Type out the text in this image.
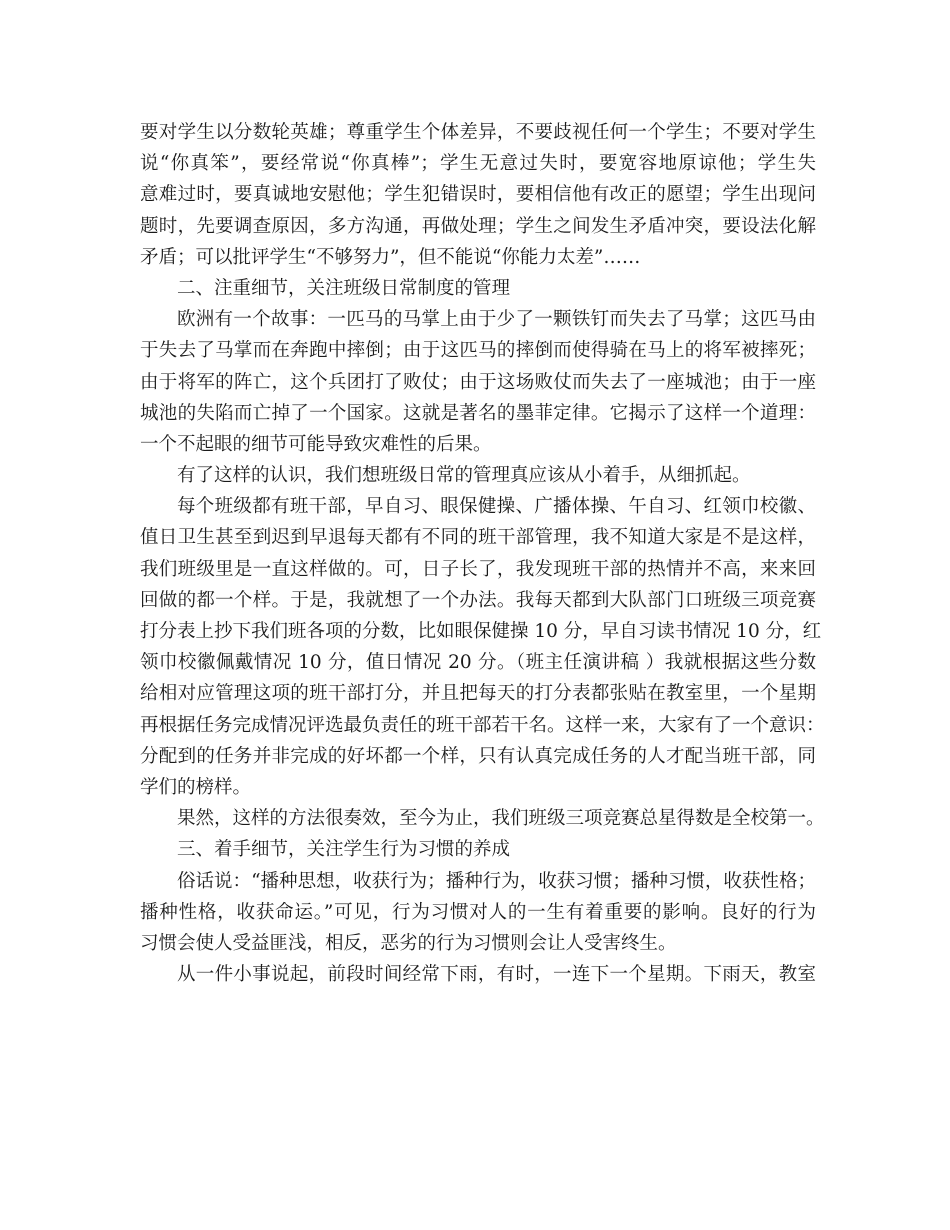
要对学生以分数轮英雄；尊重学生个体差异，不要歧视任何一个学生；不要对学生
说“你真笨”，要经常说“你真棒”；学生无意过失时，要宽容地原谅他；学生失
意难过时，要真诚地安慰他；学生犯错误时，要相信他有改正的愿望；学生出现问
题时，先要调查原因，多方沟通，再做处理；学生之间发生矛盾冲突，要设法化解
矛盾；可以批评学生“不够努力”，但不能说“你能力太差”……
二、注重细节，关注班级日常制度的管理
欧洲有一个故事：一匹马的马掌上由于少了一颗铁钉而失去了马掌；这匹马由
于失去了马掌而在奔跑中摔倒；由于这匹马的摔倒而使得骑在马上的将军被摔死；
由于将军的阵亡，这个兵团打了败仗；由于这场败仗而失去了一座城池；由于一座
城池的失陷而亡掉了一个国家。这就是著名的墨菲定律。它揭示了这样一个道理：
一个不起眼的细节可能导致灾难性的后果。
有了这样的认识，我们想班级日常的管理真应该从小着手，从细抓起。
每个班级都有班干部，早自习、眼保健操、广播体操、午自习、红领巾校徽、
值日卫生甚至到迟到早退每天都有不同的班干部管理，我不知道大家是不是这样，
我们班级里是一直这样做的。可，日子长了，我发现班干部的热情并不高，来来回
回做的都一个样。于是，我就想了一个办法。我每天都到大队部门口班级三项竞赛
打分表上抄下我们班各项的分数，比如眼保健操 10 分，早自习读书情况 10 分，红
领巾校徽佩戴情况 10 分，值日情况 20 分。（班主任演讲稿 ）我就根据这些分数
给相对应管理这项的班干部打分，并且把每天的打分表都张贴在教室里，一个星期
再根据任务完成情况评选最负责任的班干部若干名。这样一来，大家有了一个意识：
分配到的任务并非完成的好坏都一个样，只有认真完成任务的人才配当班干部，同
学们的榜样。
果然，这样的方法很奏效，至今为止，我们班级三项竞赛总星得数是全校第一。
三、着手细节，关注学生行为习惯的养成
俗话说：“播种思想，收获行为；播种行为，收获习惯；播种习惯，收获性格；
播种性格，收获命运。”可见，行为习惯对人的一生有着重要的影响。良好的行为
习惯会使人受益匪浅，相反，恶劣的行为习惯则会让人受害终生。
从一件小事说起，前段时间经常下雨，有时，一连下一个星期。下雨天，教室
